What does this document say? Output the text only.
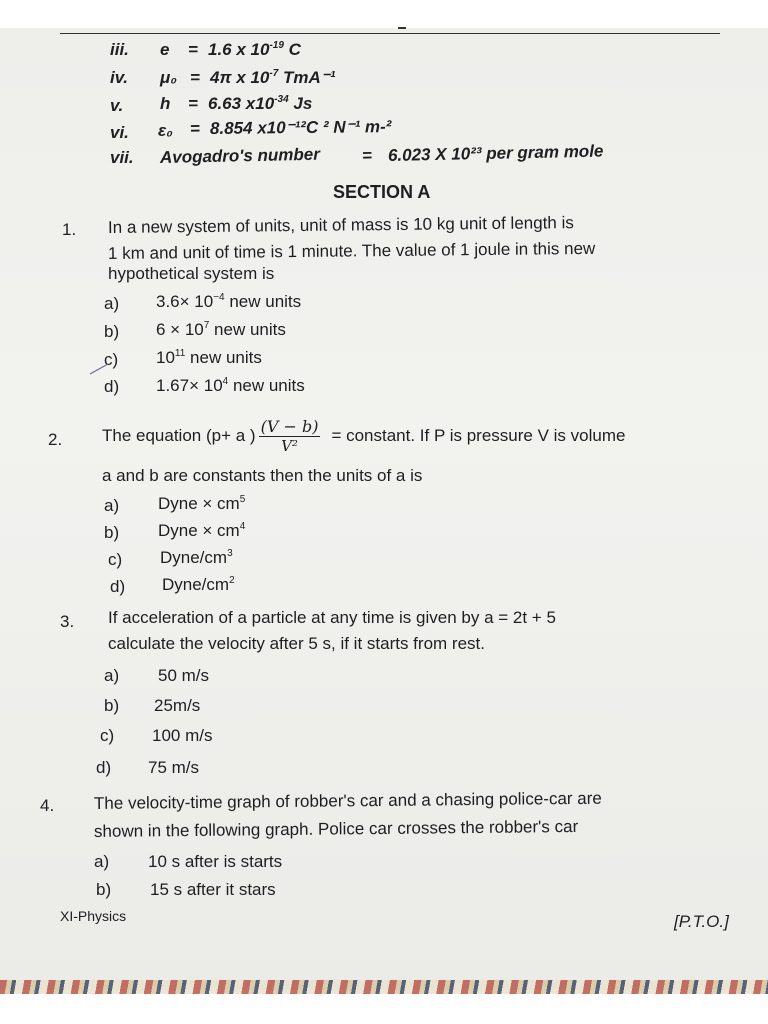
iii. e = 1.6 x $10^{-19}$ C
iv. μ₀ = 4π x $10^{-7}$ TmA⁻¹
v. h = 6.63 $x10^{-34}$ Js
vi. ε₀ = 8.854 x10⁻¹²C ² N⁻¹ m-²
vii. Avogadro's number = 6.023 X 10²³ per gram mole
SECTION A
1. In a new system of units, unit of mass is 10 kg unit of length is
1 km and unit of time is 1 minute. The value of 1 joule in this new
hypothetical system is
a) $3.6\times 10^{-4}$ new units
b) $6 \times 10^7$ new units
c) $10^{11}$ new units
d) $1.67\times 10^4$ new units
2. The equation (p+ a ) $\frac{(V - b)}{\text{V²}}$ = constant. If P is pressure V is volume
a and b are constants then the units of a is
a) Dyne × $cm^5$
b) Dyne × $cm^4$
c) Dyne/$cm^3$
d) Dyne/$cm^2$
3. If acceleration of a particle at any time is given by a = 2t + 5
calculate the velocity after 5 s, if it starts from rest.
a) 50 m/s
b) 25m/s
c) 100 m/s
d) 75 m/s
4. The velocity-time graph of robber's car and a chasing police-car are
shown in the following graph. Police car crosses the robber's car
a) 10 s after is starts
b) 15 s after it stars
XI-Physics	[P.T.O.]
